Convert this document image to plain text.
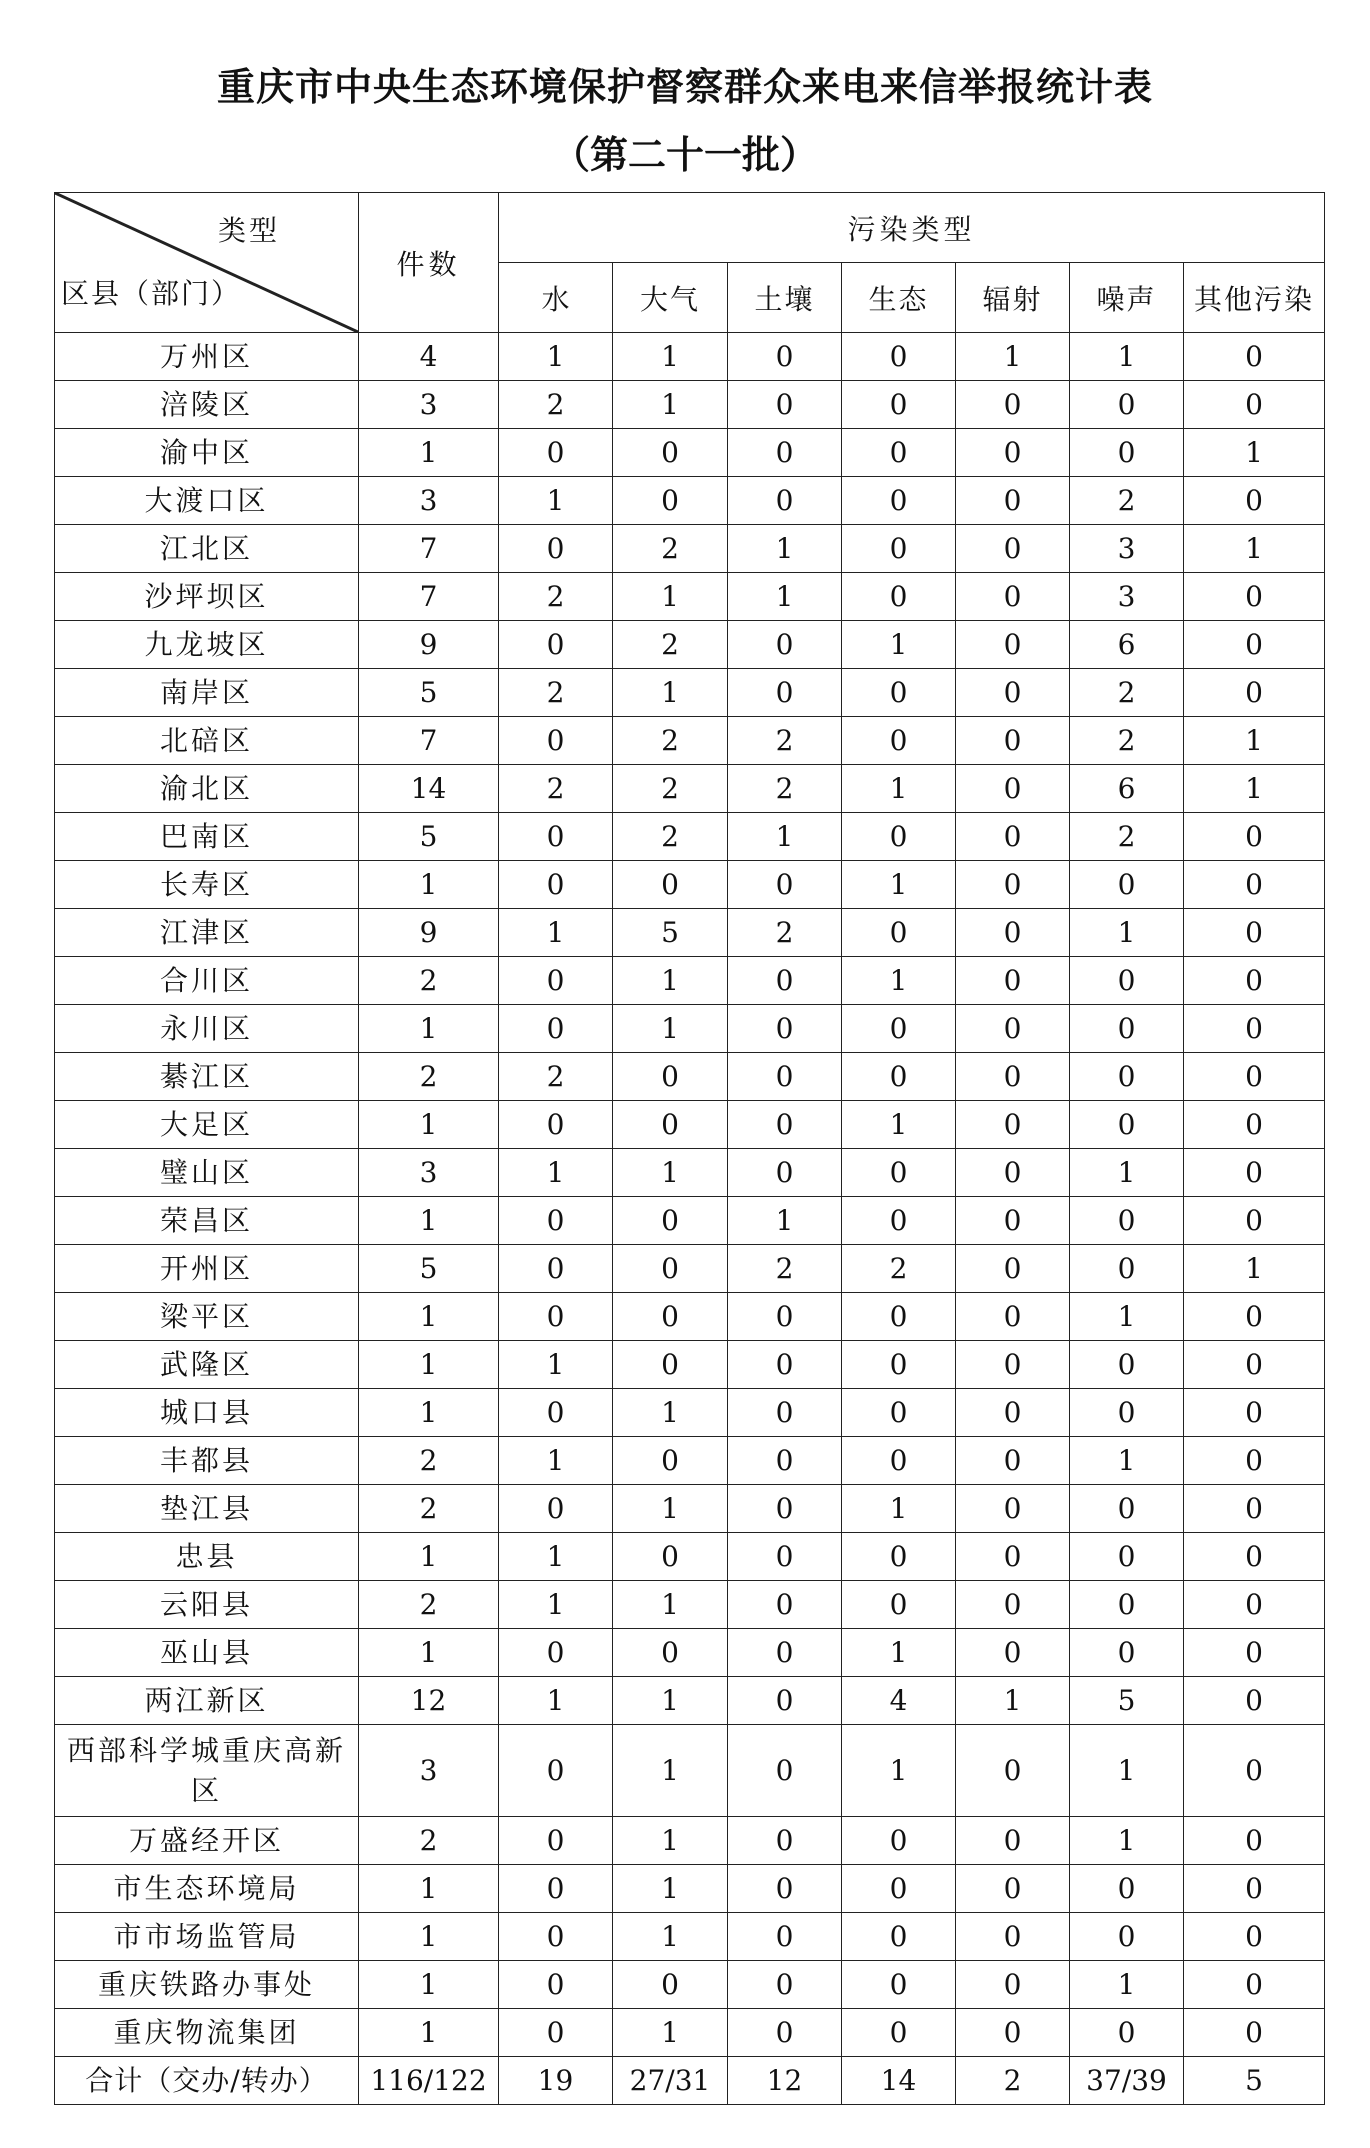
重庆市中央生态环境保护督察群众来电来信举报统计表
（第二十一批）
类型
区县（部门）	件数	污染类型						
		水	大气	土壤	生态	辐射	噪声	其他污染
万州区	4	1	1	0	0	1	1	0
涪陵区	3	2	1	0	0	0	0	0
渝中区	1	0	0	0	0	0	0	1
大渡口区	3	1	0	0	0	0	2	0
江北区	7	0	2	1	0	0	3	1
沙坪坝区	7	2	1	1	0	0	3	0
九龙坡区	9	0	2	0	1	0	6	0
南岸区	5	2	1	0	0	0	2	0
北碚区	7	0	2	2	0	0	2	1
渝北区	14	2	2	2	1	0	6	1
巴南区	5	0	2	1	0	0	2	0
长寿区	1	0	0	0	1	0	0	0
江津区	9	1	5	2	0	0	1	0
合川区	2	0	1	0	1	0	0	0
永川区	1	0	1	0	0	0	0	0
綦江区	2	2	0	0	0	0	0	0
大足区	1	0	0	0	1	0	0	0
璧山区	3	1	1	0	0	0	1	0
荣昌区	1	0	0	1	0	0	0	0
开州区	5	0	0	2	2	0	0	1
梁平区	1	0	0	0	0	0	1	0
武隆区	1	1	0	0	0	0	0	0
城口县	1	0	1	0	0	0	0	0
丰都县	2	1	0	0	0	0	1	0
垫江县	2	0	1	0	1	0	0	0
忠县	1	1	0	0	0	0	0	0
云阳县	2	1	1	0	0	0	0	0
巫山县	1	0	0	0	1	0	0	0
两江新区	12	1	1	0	4	1	5	0
西部科学城重庆高新区	3	0	1	0	1	0	1	0
万盛经开区	2	0	1	0	0	0	1	0
市生态环境局	1	0	1	0	0	0	0	0
市市场监管局	1	0	1	0	0	0	0	0
重庆铁路办事处	1	0	0	0	0	0	1	0
重庆物流集团	1	0	1	0	0	0	0	0
合计（交办/转办）	116/122	19	27/31	12	14	2	37/39	5
